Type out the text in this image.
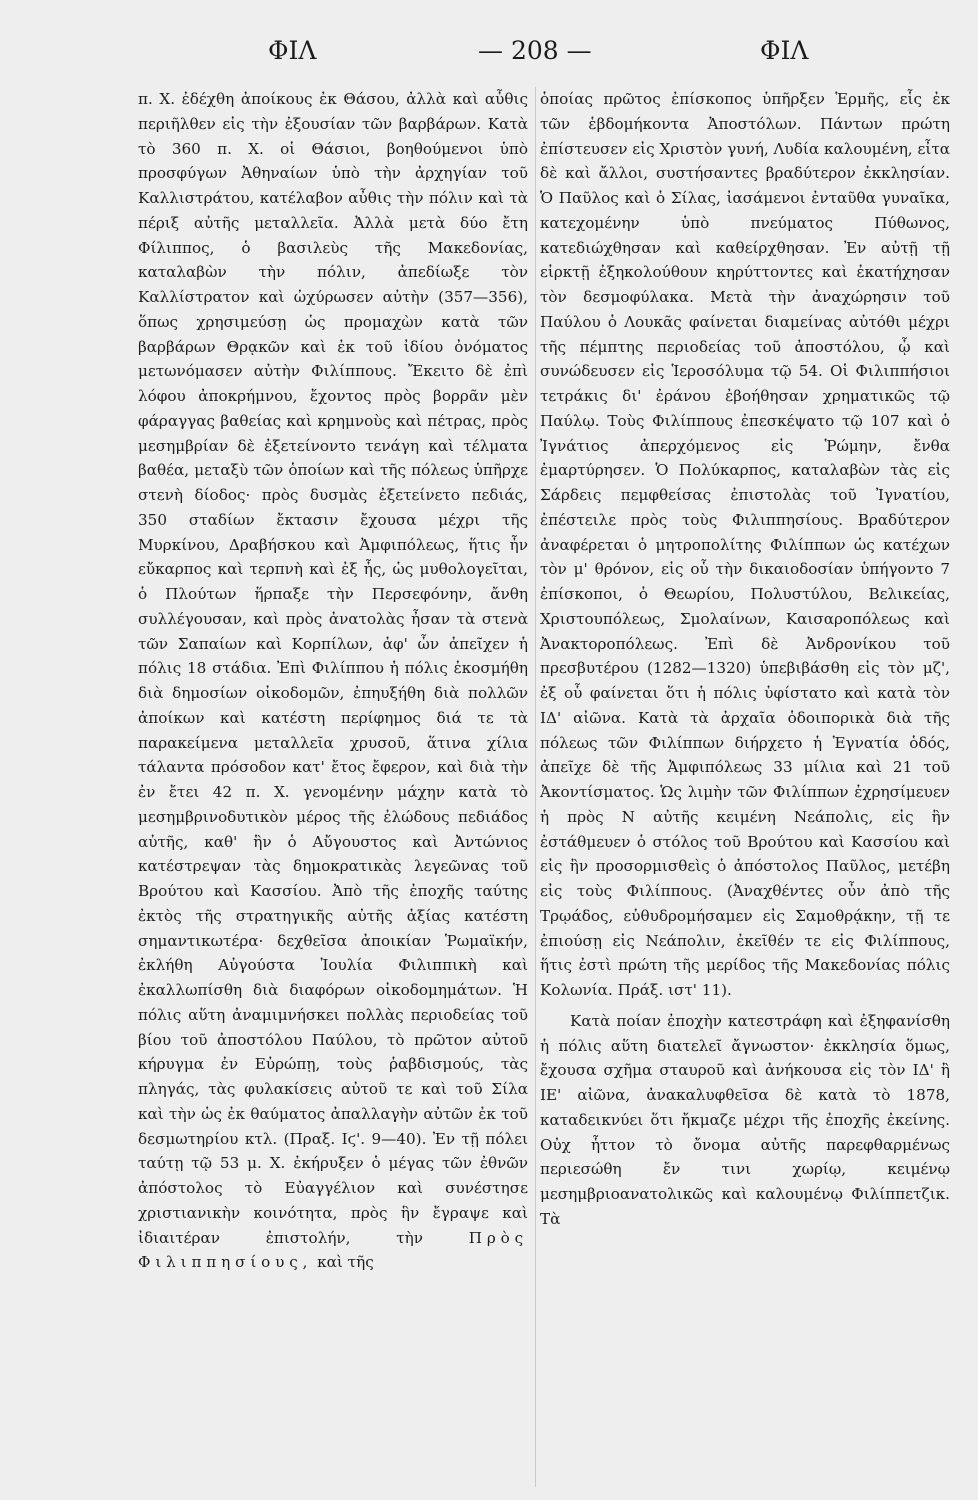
ΦΙΛ	— 208 —	ΦΙΛ

π. Χ. ἐδέχθη ἀποίκους ἐκ Θάσου, ἀλλὰ καὶ αὖθις περιῆλθεν εἰς τὴν ἐξουσίαν τῶν βαρβάρων. Κατὰ τὸ 360 π. Χ. οἱ Θάσιοι, βοηθούμενοι ὑπὸ προσφύγων Ἀθηναίων ὑπὸ τὴν ἀρχηγίαν τοῦ Καλλιστράτου, κατέλαβον αὖθις τὴν πόλιν καὶ τὰ πέριξ αὐτῆς μεταλλεῖα. Ἀλλὰ μετὰ δύο ἔτη Φίλιππος, ὁ βασιλεὺς τῆς Μακεδονίας, καταλαβὼν τὴν πόλιν, ἀπεδίωξε τὸν Καλλίστρατον καὶ ὠχύρωσεν αὐτὴν (357—356), ὅπως χρησιμεύσῃ ὡς προμαχὼν κατὰ τῶν βαρβάρων Θρᾳκῶν καὶ ἐκ τοῦ ἰδίου ὀνόματος μετωνόμασεν αὐτὴν Φιλίππους. Ἔκειτο δὲ ἐπὶ λόφου ἀποκρήμνου, ἔχοντος πρὸς βορρᾶν μὲν φάραγγας βαθείας καὶ κρημνοὺς καὶ πέτρας, πρὸς μεσημβρίαν δὲ ἐξετείνοντο τενάγη καὶ τέλματα βαθέα, μεταξὺ τῶν ὁποίων καὶ τῆς πόλεως ὑπῆρχε στενὴ δίοδος· πρὸς δυσμὰς ἐξετείνετο πεδιάς, 350 σταδίων ἔκτασιν ἔχουσα μέχρι τῆς Μυρκίνου, Δραβήσκου καὶ Ἀμφιπόλεως, ἥτις ἦν εὔκαρπος καὶ τερπνὴ καὶ ἐξ ἧς, ὡς μυθολογεῖται, ὁ Πλούτων ἥρπαξε τὴν Περσεφόνην, ἄνθη συλλέγουσαν, καὶ πρὸς ἀνατολὰς ἦσαν τὰ στενὰ τῶν Σαπαίων καὶ Κορπίλων, ἀφ' ὧν ἀπεῖχεν ἡ πόλις 18 στάδια. Ἐπὶ Φιλίππου ἡ πόλις ἐκοσμήθη διὰ δημοσίων οἰκοδομῶν, ἐπηυξήθη διὰ πολλῶν ἀποίκων καὶ κατέστη περίφημος διά τε τὰ παρακείμενα μεταλλεῖα χρυσοῦ, ἅτινα χίλια τάλαντα πρόσοδον κατ' ἔτος ἔφερον, καὶ διὰ τὴν ἐν ἔτει 42 π. Χ. γενομένην μάχην κατὰ τὸ μεσημβρινοδυτικὸν μέρος τῆς ἐλώδους πεδιάδος αὐτῆς, καθ' ἣν ὁ Αὔγουστος καὶ Ἀντώνιος κατέστρεψαν τὰς δημοκρατικὰς λεγεῶνας τοῦ Βρούτου καὶ Κασσίου. Ἀπὸ τῆς ἐποχῆς ταύτης ἐκτὸς τῆς στρατηγικῆς αὐτῆς ἀξίας κατέστη σημαντικωτέρα· δεχθεῖσα ἀποικίαν Ῥωμαϊκήν, ἐκλήθη Αὐγούστα Ἰουλία Φιλιππικὴ καὶ ἐκαλλωπίσθη διὰ διαφόρων οἰκοδομημάτων. Ἡ πόλις αὕτη ἀναμιμνήσκει πολλὰς περιοδείας τοῦ βίου τοῦ ἀποστόλου Παύλου, τὸ πρῶτον αὐτοῦ κήρυγμα ἐν Εὐρώπῃ, τοὺς ῥαβδισμούς, τὰς πληγάς, τὰς φυλακίσεις αὐτοῦ τε καὶ τοῦ Σίλα καὶ τὴν ὡς ἐκ θαύματος ἀπαλλαγὴν αὐτῶν ἐκ τοῦ δεσμωτηρίου κτλ. (Πραξ. Ιϛ'. 9—40). Ἐν τῇ πόλει ταύτῃ τῷ 53 μ. Χ. ἐκήρυξεν ὁ μέγας τῶν ἐθνῶν ἀπόστολος τὸ Εὐαγγέλιον καὶ συνέστησε χριστιανικὴν κοινότητα, πρὸς ἣν ἔγραψε καὶ ἰδιαιτέραν ἐπιστολήν, τὴν	Πρὸς Φιλιππησίους, καὶ τῆς

ὁποίας πρῶτος ἐπίσκοπος ὑπῆρξεν Ἑρμῆς, εἷς ἐκ τῶν ἑβδομήκοντα Ἀποστόλων. Πάντων πρώτη ἐπίστευσεν εἰς Χριστὸν γυνή, Λυδία καλουμένη, εἶτα δὲ καὶ ἄλλοι, συστήσαντες βραδύτερον ἐκκλησίαν. Ὁ Παῦλος καὶ ὁ Σίλας, ἰασάμενοι ἐνταῦθα γυναῖκα, κατεχομένην ὑπὸ πνεύματος Πύθωνος, κατεδιώχθησαν καὶ καθείρχθησαν. Ἐν αὐτῇ τῇ εἱρκτῇ ἐξηκολούθουν κηρύττοντες καὶ ἐκατήχησαν τὸν δεσμοφύλακα. Μετὰ τὴν ἀναχώρησιν τοῦ Παύλου ὁ Λουκᾶς φαίνεται διαμείνας αὐτόθι μέχρι τῆς πέμπτης περιοδείας τοῦ ἀποστόλου, ᾧ καὶ συνώδευσεν εἰς Ἱεροσόλυμα τῷ 54. Οἱ Φιλιππήσιοι τετράκις δι' ἐράνου ἐβοήθησαν χρηματικῶς τῷ Παύλῳ. Τοὺς Φιλίππους ἐπεσκέψατο τῷ 107 καὶ ὁ Ἰγνάτιος ἀπερχόμενος εἰς Ῥώμην, ἔνθα ἐμαρτύρησεν. Ὁ Πολύκαρπος, καταλαβὼν τὰς εἰς Σάρδεις πεμφθείσας ἐπιστολὰς τοῦ Ἰγνατίου, ἐπέστειλε πρὸς τοὺς Φιλιππησίους. Βραδύτερον ἀναφέρεται ὁ μητροπολίτης Φιλίππων ὡς κατέχων τὸν μ' θρόνον, εἰς οὗ τὴν δικαιοδοσίαν ὑπήγοντο 7 ἐπίσκοποι, ὁ Θεωρίου, Πολυστύλου, Βελικείας, Χριστουπόλεως, Σμολαίνων, Καισαροπόλεως καὶ Ἀνακτοροπόλεως. Ἐπὶ δὲ Ἀνδρονίκου τοῦ πρεσβυτέρου (1282—1320) ὑπεβιβάσθη εἰς τὸν μζ', ἐξ οὗ φαίνεται ὅτι ἡ πόλις ὑφίστατο καὶ κατὰ τὸν ΙΔ' αἰῶνα. Κατὰ τὰ ἀρχαῖα ὁδοιπορικὰ διὰ τῆς πόλεως τῶν Φιλίππων διήρχετο ἡ Ἐγνατία ὁδός, ἀπεῖχε δὲ τῆς Ἀμφιπόλεως 33 μίλια καὶ 21 τοῦ Ἀκοντίσματος. Ὡς λιμὴν τῶν Φιλίππων ἐχρησίμευεν ἡ πρὸς Ν αὐτῆς κειμένη Νεάπολις, εἰς ἣν ἐστάθμευεν ὁ στόλος τοῦ Βρούτου καὶ Κασσίου καὶ εἰς ἣν προσορμισθεὶς ὁ ἀπόστολος Παῦλος, μετέβη εἰς τοὺς Φιλίππους. (Ἀναχθέντες οὖν ἀπὸ τῆς Τρῳάδος, εὐθυδρομήσαμεν εἰς Σαμοθρᾴκην, τῇ τε ἐπιούσῃ εἰς Νεάπολιν, ἐκεῖθέν τε εἰς Φιλίππους, ἥτις ἐστὶ πρώτη τῆς μερίδος τῆς Μακεδονίας πόλις Κολωνία. Πράξ. ιστ' 11).

Κατὰ ποίαν ἐποχὴν κατεστράφη καὶ ἐξηφανίσθη ἡ πόλις αὕτη διατελεῖ ἄγνωστον· ἐκκλησία ὅμως, ἔχουσα σχῆμα σταυροῦ καὶ ἀνήκουσα εἰς τὸν ΙΔ' ἢ ΙΕ' αἰῶνα, ἀνακαλυφθεῖσα δὲ κατὰ τὸ 1878, καταδεικνύει ὅτι ἤκμαζε μέχρι τῆς ἐποχῆς ἐκείνης. Οὐχ ἧττον τὸ ὄνομα αὐτῆς παρεφθαρμένως περιεσώθη ἔν τινι χωρίῳ, κειμένῳ μεσημβριοανατολικῶς καὶ καλουμένῳ Φιλίππετζικ. Τὰ
